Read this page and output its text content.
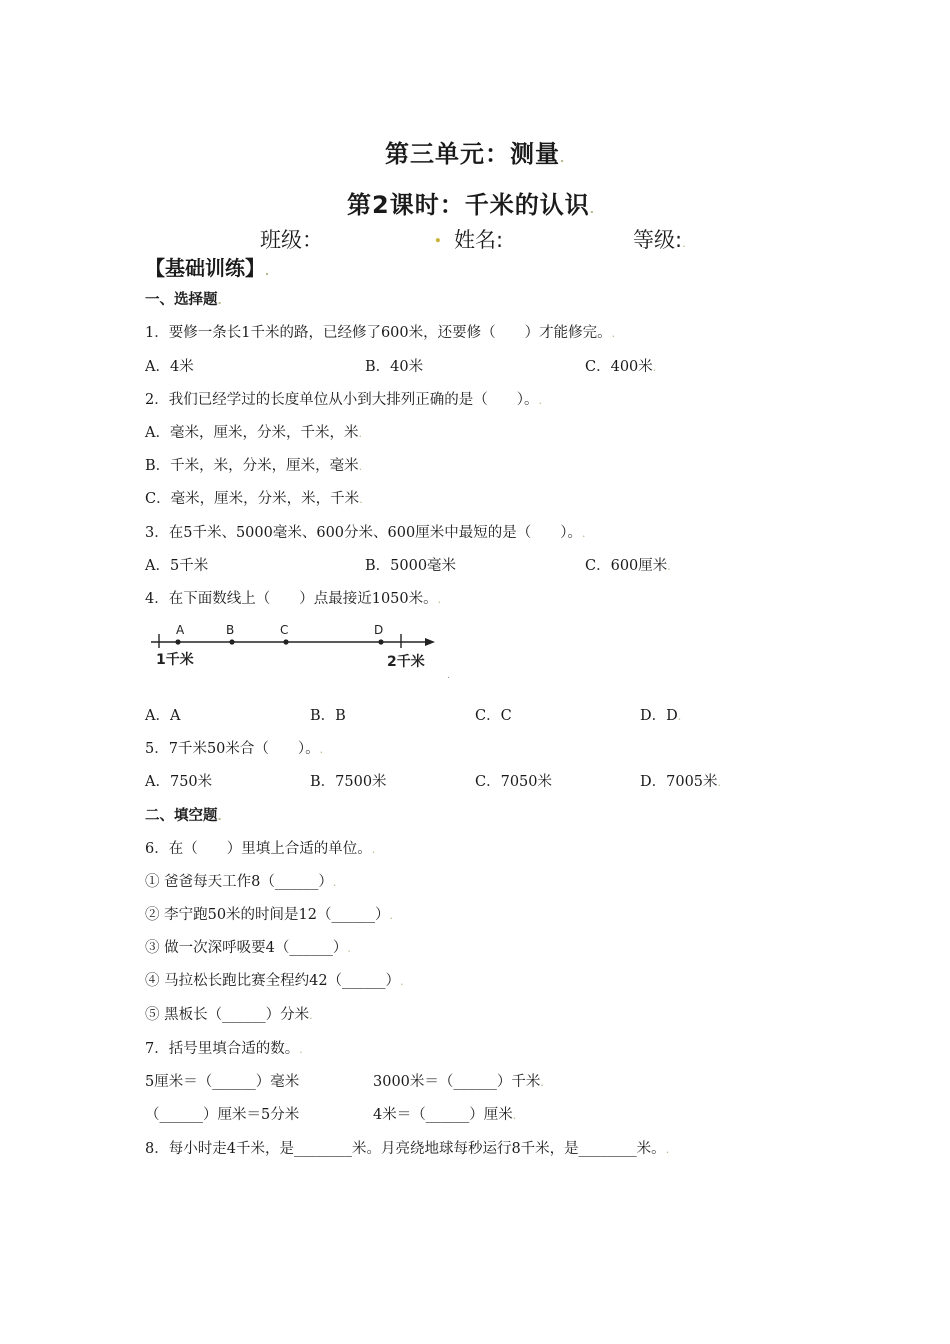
第三单元：测量.
第2课时：千米的认识.
班级：	. 姓名:	等级:.
【基础训练】.
一、选择题.
1．要修一条长1千米的路，已经修了600米，还要修（　　）才能修完。.
A．4米	B．40米	C．400米.
2．我们已经学过的长度单位从小到大排列正确的是（　　）。.
A．毫米，厘米，分米，千米，米.
B．千米，米，分米，厘米，毫米.
C．毫米，厘米，分米，米，千米.
3．在5千米、5000毫米、600分米、600厘米中最短的是（　　）。.
A．5千米	B．5000毫米	C．600厘米.
4．在下面数线上（　　）点最接近1050米。.
A	B	C	D
1千米	2千米
.
A．A	B．B	C．C	D．D.
5．7千米50米合（　　）。.
A．750米	B．7500米	C．7050米	D．7005米.
二、填空题.
6．在（　　）里填上合适的单位。.
① 爸爸每天工作8（______）.
② 李宁跑50米的时间是12（______）.
③ 做一次深呼吸要4（______）.
④ 马拉松长跑比赛全程约42（______）.
⑤ 黑板长（______）分米.
7．括号里填合适的数。.
5厘米＝（______）毫米	3000米＝（______）千米.
（______）厘米＝5分米	4米＝（______）厘米.
8．每小时走4千米，是________米。月亮绕地球每秒运行8千米，是________米。.
